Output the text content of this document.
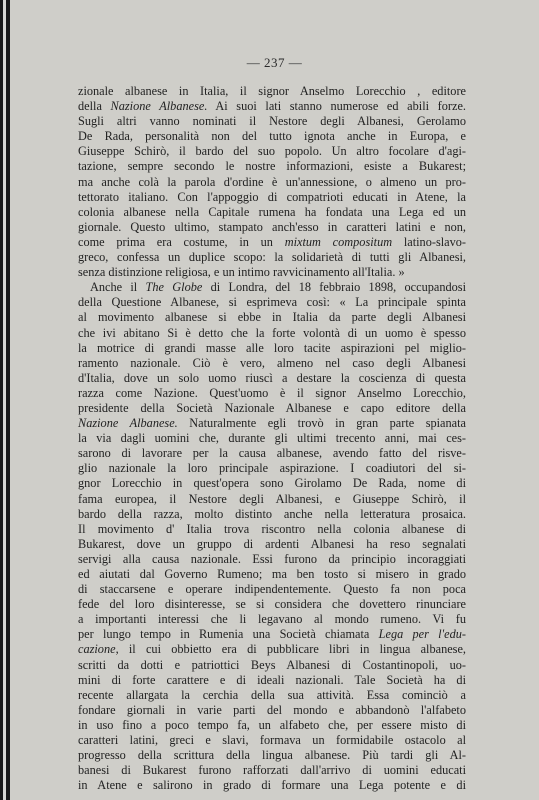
— 237 —
zionale albanese in Italia, il signor Anselmo Lorecchio , editore
della Nazione Albanese. Ai suoi lati stanno numerose ed abili forze.
Sugli altri vanno nominati il Nestore degli Albanesi, Gerolamo
De Rada, personalità non del tutto ignota anche in Europa, e
Giuseppe Schirò, il bardo del suo popolo. Un altro focolare d'agi-
tazione, sempre secondo le nostre informazioni, esiste a Bukarest;
ma anche colà la parola d'ordine è un'annessione, o almeno un pro-
tettorato italiano. Con l'appoggio di compatrioti educati in Atene, la
colonia albanese nella Capitale rumena ha fondata una Lega ed un
giornale. Questo ultimo, stampato anch'esso in caratteri latini e non,
come prima era costume, in un mixtum compositum latino-slavo-
greco, confessa un duplice scopo: la solidarietà di tutti gli Albanesi,
senza distinzione religiosa, e un intimo ravvicinamento all'Italia. »
Anche il The Globe di Londra, del 18 febbraio 1898, occupandosi
della Questione Albanese, si esprimeva così: « La principale spinta
al movimento albanese si ebbe in Italia da parte degli Albanesi
che ivi abitano Si è detto che la forte volontà di un uomo è spesso
la motrice di grandi masse alle loro tacite aspirazioni pel miglio-
ramento nazionale. Ciò è vero, almeno nel caso degli Albanesi
d'Italia, dove un solo uomo riuscì a destare la coscienza di questa
razza come Nazione. Quest'uomo è il signor Anselmo Lorecchio,
presidente della Società Nazionale Albanese e capo editore della
Nazione Albanese. Naturalmente egli trovò in gran parte spianata
la via dagli uomini che, durante gli ultimi trecento anni, mai ces-
sarono di lavorare per la causa albanese, avendo fatto del risve-
glio nazionale la loro principale aspirazione. I coadiutori del si-
gnor Lorecchio in quest'opera sono Girolamo De Rada, nome di
fama europea, il Nestore degli Albanesi, e Giuseppe Schirò, il
bardo della razza, molto distinto anche nella letteratura prosaica.
Il movimento d' Italia trova riscontro nella colonia albanese di
Bukarest, dove un gruppo di ardenti Albanesi ha reso segnalati
servigi alla causa nazionale. Essi furono da principio incoraggiati
ed aiutati dal Governo Rumeno; ma ben tosto si misero in grado
di staccarsene e operare indipendentemente. Questo fa non poca
fede del loro disinteresse, se si considera che dovettero rinunciare
a importanti interessi che li legavano al mondo rumeno. Vi fu
per lungo tempo in Rumenia una Società chiamata Lega per l'edu-
cazione, il cui obbietto era di pubblicare libri in lingua albanese,
scritti da dotti e patriottici Beys Albanesi di Costantinopoli, uo-
mini di forte carattere e di ideali nazionali. Tale Società ha di
recente allargata la cerchia della sua attività. Essa cominciò a
fondare giornali in varie parti del mondo e abbandonò l'alfabeto
in uso fino a poco tempo fa, un alfabeto che, per essere misto di
caratteri latini, greci e slavi, formava un formidabile ostacolo al
progresso della scrittura della lingua albanese. Più tardi gli Al-
banesi di Bukarest furono rafforzati dall'arrivo di uomini educati
in Atene e salirono in grado di formare una Lega potente e di
